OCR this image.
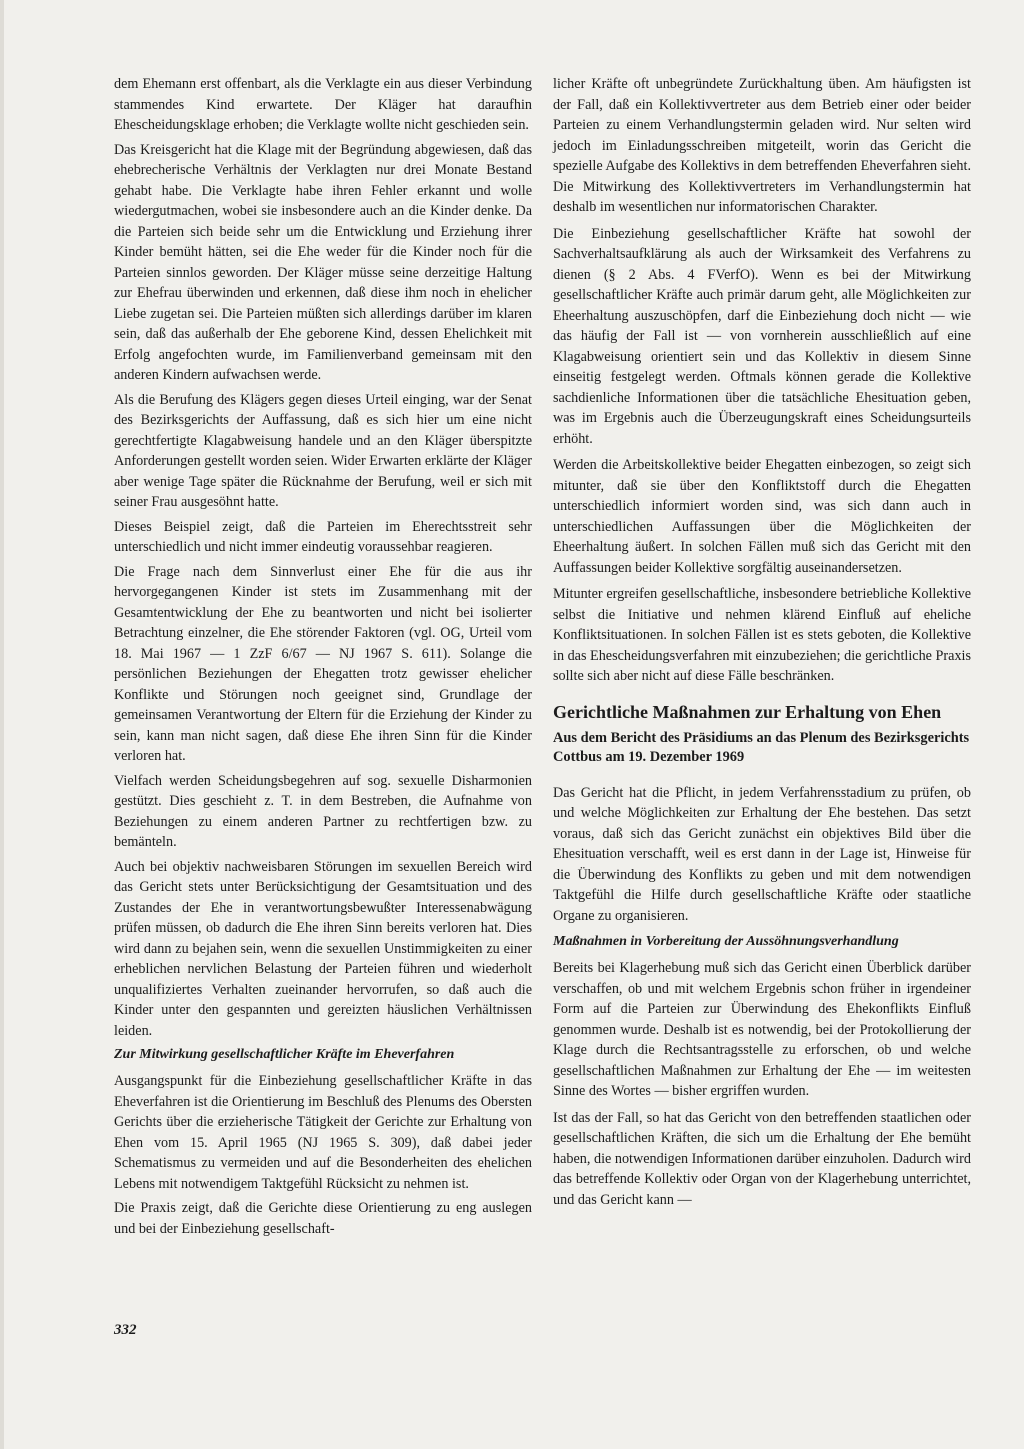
dem Ehemann erst offenbart, als die Verklagte ein aus dieser Verbindung stammendes Kind erwartete. Der Kläger hat daraufhin Ehescheidungsklage erhoben; die Verklagte wollte nicht geschieden sein.

Das Kreisgericht hat die Klage mit der Begründung abgewiesen, daß das ehebrecherische Verhältnis der Verklagten nur drei Monate Bestand gehabt habe. Die Verklagte habe ihren Fehler erkannt und wolle wiedergutmachen, wobei sie insbesondere auch an die Kinder denke. Da die Parteien sich beide sehr um die Entwicklung und Erziehung ihrer Kinder bemüht hätten, sei die Ehe weder für die Kinder noch für die Parteien sinnlos geworden. Der Kläger müsse seine derzeitige Haltung zur Ehefrau überwinden und erkennen, daß diese ihm noch in ehelicher Liebe zugetan sei. Die Parteien müßten sich allerdings darüber im klaren sein, daß das außerhalb der Ehe geborene Kind, dessen Ehelichkeit mit Erfolg angefochten wurde, im Familienverband gemeinsam mit den anderen Kindern aufwachsen werde.

Als die Berufung des Klägers gegen dieses Urteil einging, war der Senat des Bezirksgerichts der Auffassung, daß es sich hier um eine nicht gerechtfertigte Klagabweisung handele und an den Kläger überspitzte Anforderungen gestellt worden seien. Wider Erwarten erklärte der Kläger aber wenige Tage später die Rücknahme der Berufung, weil er sich mit seiner Frau ausgesöhnt hatte.

Dieses Beispiel zeigt, daß die Parteien im Eherechtsstreit sehr unterschiedlich und nicht immer eindeutig voraussehbar reagieren.

Die Frage nach dem Sinnverlust einer Ehe für die aus ihr hervorgegangenen Kinder ist stets im Zusammenhang mit der Gesamtentwicklung der Ehe zu beantworten und nicht bei isolierter Betrachtung einzelner, die Ehe störender Faktoren (vgl. OG, Urteil vom 18. Mai 1967 — 1 ZzF 6/67 — NJ 1967 S. 611). Solange die persönlichen Beziehungen der Ehegatten trotz gewisser ehelicher Konflikte und Störungen noch geeignet sind, Grundlage der gemeinsamen Verantwortung der Eltern für die Erziehung der Kinder zu sein, kann man nicht sagen, daß diese Ehe ihren Sinn für die Kinder verloren hat.

Vielfach werden Scheidungsbegehren auf sog. sexuelle Disharmonien gestützt. Dies geschieht z. T. in dem Bestreben, die Aufnahme von Beziehungen zu einem anderen Partner zu rechtfertigen bzw. zu bemänteln.

Auch bei objektiv nachweisbaren Störungen im sexuellen Bereich wird das Gericht stets unter Berücksichtigung der Gesamtsituation und des Zustandes der Ehe in verantwortungsbewußter Interessenabwägung prüfen müssen, ob dadurch die Ehe ihren Sinn bereits verloren hat. Dies wird dann zu bejahen sein, wenn die sexuellen Unstimmigkeiten zu einer erheblichen nervlichen Belastung der Parteien führen und wiederholt unqualifiziertes Verhalten zueinander hervorrufen, so daß auch die Kinder unter den gespannten und gereizten häuslichen Verhältnissen leiden.

Zur Mitwirkung gesellschaftlicher Kräfte im Eheverfahren

Ausgangspunkt für die Einbeziehung gesellschaftlicher Kräfte in das Eheverfahren ist die Orientierung im Beschluß des Plenums des Obersten Gerichts über die erzieherische Tätigkeit der Gerichte zur Erhaltung von Ehen vom 15. April 1965 (NJ 1965 S. 309), daß dabei jeder Schematismus zu vermeiden und auf die Besonderheiten des ehelichen Lebens mit notwendigem Taktgefühl Rücksicht zu nehmen ist.

Die Praxis zeigt, daß die Gerichte diese Orientierung zu eng auslegen und bei der Einbeziehung gesellschaft-

licher Kräfte oft unbegründete Zurückhaltung üben. Am häufigsten ist der Fall, daß ein Kollektivvertreter aus dem Betrieb einer oder beider Parteien zu einem Verhandlungstermin geladen wird. Nur selten wird jedoch im Einladungsschreiben mitgeteilt, worin das Gericht die spezielle Aufgabe des Kollektivs in dem betreffenden Eheverfahren sieht. Die Mitwirkung des Kollektivvertreters im Verhandlungstermin hat deshalb im wesentlichen nur informatorischen Charakter.

Die Einbeziehung gesellschaftlicher Kräfte hat sowohl der Sachverhaltsaufklärung als auch der Wirksamkeit des Verfahrens zu dienen (§ 2 Abs. 4 FVerfO). Wenn es bei der Mitwirkung gesellschaftlicher Kräfte auch primär darum geht, alle Möglichkeiten zur Eheerhaltung auszuschöpfen, darf die Einbeziehung doch nicht — wie das häufig der Fall ist — von vornherein ausschließlich auf eine Klagabweisung orientiert sein und das Kollektiv in diesem Sinne einseitig festgelegt werden. Oftmals können gerade die Kollektive sachdienliche Informationen über die tatsächliche Ehesituation geben, was im Ergebnis auch die Überzeugungskraft eines Scheidungsurteils erhöht.

Werden die Arbeitskollektive beider Ehegatten einbezogen, so zeigt sich mitunter, daß sie über den Konfliktstoff durch die Ehegatten unterschiedlich informiert worden sind, was sich dann auch in unterschiedlichen Auffassungen über die Möglichkeiten der Eheerhaltung äußert. In solchen Fällen muß sich das Gericht mit den Auffassungen beider Kollektive sorgfältig auseinandersetzen.

Mitunter ergreifen gesellschaftliche, insbesondere betriebliche Kollektive selbst die Initiative und nehmen klärend Einfluß auf eheliche Konfliktsituationen. In solchen Fällen ist es stets geboten, die Kollektive in das Ehescheidungsverfahren mit einzubeziehen; die gerichtliche Praxis sollte sich aber nicht auf diese Fälle beschränken.

Gerichtliche Maßnahmen zur Erhaltung von Ehen
Aus dem Bericht des Präsidiums an das Plenum des Bezirksgerichts Cottbus am 19. Dezember 1969

Das Gericht hat die Pflicht, in jedem Verfahrensstadium zu prüfen, ob und welche Möglichkeiten zur Erhaltung der Ehe bestehen. Das setzt voraus, daß sich das Gericht zunächst ein objektives Bild über die Ehesituation verschafft, weil es erst dann in der Lage ist, Hinweise für die Überwindung des Konflikts zu geben und mit dem notwendigen Taktgefühl die Hilfe durch gesellschaftliche Kräfte oder staatliche Organe zu organisieren.

Maßnahmen in Vorbereitung der Aussöhnungsverhandlung

Bereits bei Klagerhebung muß sich das Gericht einen Überblick darüber verschaffen, ob und mit welchem Ergebnis schon früher in irgendeiner Form auf die Parteien zur Überwindung des Ehekonflikts Einfluß genommen wurde. Deshalb ist es notwendig, bei der Protokollierung der Klage durch die Rechtsantragsstelle zu erforschen, ob und welche gesellschaftlichen Maßnahmen zur Erhaltung der Ehe — im weitesten Sinne des Wortes — bisher ergriffen wurden.

Ist das der Fall, so hat das Gericht von den betreffenden staatlichen oder gesellschaftlichen Kräften, die sich um die Erhaltung der Ehe bemüht haben, die notwendigen Informationen darüber einzuholen. Dadurch wird das betreffende Kollektiv oder Organ von der Klagerhebung unterrichtet, und das Gericht kann —

332
